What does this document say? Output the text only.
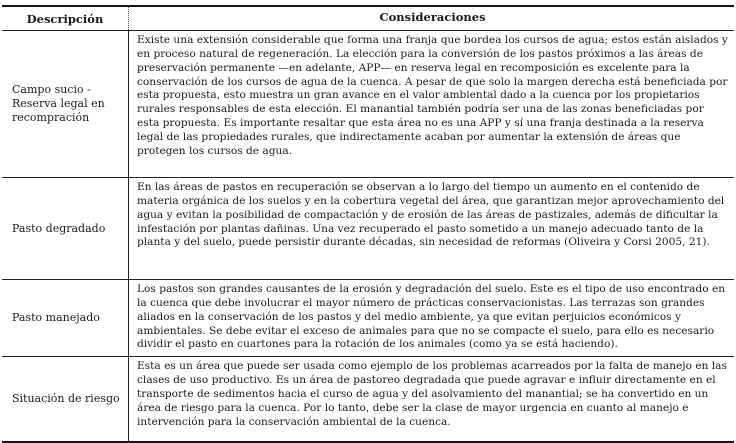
Descripción	Consideraciones
Campo sucio - Reserva legal en recompración
Existe una extensión considerable que forma una franja que bordea los cursos de agua; estos están aislados y en proceso natural de regeneración. La elección para la conversión de los pastos próximos a las áreas de preservación permanente —en adelante, APP— en reserva legal en recomposición es excelente para la conservación de los cursos de agua de la cuenca. A pesar de que solo la margen derecha está beneficiada por esta propuesta, esto muestra un gran avance en el valor ambiental dado a la cuenca por los propietarios rurales responsables de esta elección. El manantial también podría ser una de las zonas beneficiadas por esta propuesta. Es importante resaltar que esta área no es una APP y sí una franja destinada a la reserva legal de las propiedades rurales, que indirectamente acaban por aumentar la extensión de áreas que protegen los cursos de agua.
Pasto degradado
En las áreas de pastos en recuperación se observan a lo largo del tiempo un aumento en el contenido de materia orgánica de los suelos y en la cobertura vegetal del área, que garantizan mejor aprovechamiento del agua y evitan la posibilidad de compactación y de erosión de las áreas de pastizales, además de dificultar la infestación por plantas dañinas. Una vez recuperado el pasto sometido a un manejo adecuado tanto de la planta y del suelo, puede persistir durante décadas, sin necesidad de reformas (Oliveira y Corsi 2005, 21).
Pasto manejado
Los pastos son grandes causantes de la erosión y degradación del suelo. Este es el tipo de uso encontrado en la cuenca que debe involucrar el mayor número de prácticas conservacionistas. Las terrazas son grandes aliados en la conservación de los pastos y del medio ambiente, ya que evitan perjuicios económicos y ambientales. Se debe evitar el exceso de animales para que no se compacte el suelo, para ello es necesario dividir el pasto en cuartones para la rotación de los animales (como ya se está haciendo).
Situación de riesgo
Esta es un área que puede ser usada como ejemplo de los problemas acarreados por la falta de manejo en las clases de uso productivo. Es un área de pastoreo degradada que puede agravar e influir directamente en el transporte de sedimentos hacia el curso de agua y del asolvamiento del manantial; se ha convertido en un área de riesgo para la cuenca. Por lo tanto, debe ser la clase de mayor urgencia en cuanto al manejo e intervención para la conservación ambiental de la cuenca.
